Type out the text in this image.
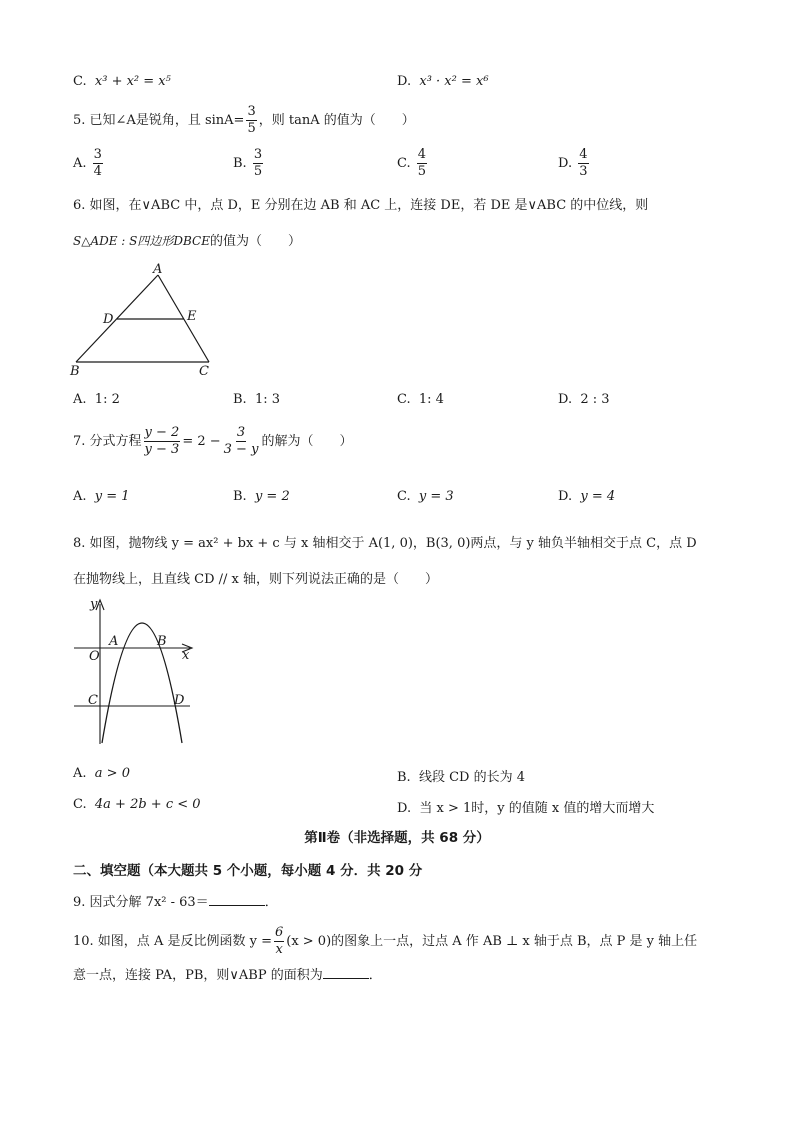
C. x³ + x² = x⁵	D. x³ · x² = x⁶
5. 已知∠A是锐角，且 $\sin A= \frac{3}{5}$ ，则 tanA 的值为（　　）
A. $\frac{3}{4}$	B. $\frac{3}{5}$	C. $\frac{4}{5}$	D. $\frac{4}{3}$
6. 如图，在∨ABC 中，点 D，E 分别在边 AB 和 AC 上，连接 DE，若 DE 是∨ABC 的中位线，则
S△ADE : S四边形DBCE的值为（　　）
A
D	E
B	C
A. 1: 2	B. 1: 3	C. 1: 4	D. 2 : 3
7. 分式方程 $\frac{y - 2}{y - 3} = 2 - \frac{3}{3 - y}$ 的解为（　　）
A. y = 1	B. y = 2	C. y = 3	D. y = 4
8. 如图，抛物线 y = ax² + bx + c 与 x 轴相交于 A(1, 0)，B(3, 0)两点，与 y 轴负半轴相交于点 C，点 D
在抛物线上，且直线 CD // x 轴，则下列说法正确的是（　　）
y
x
O
A	B
C	D
A. a > 0	B. 线段 CD 的长为 4
C. 4a + 2b + c < 0	D. 当 x > 1时，y 的值随 x 值的增大而增大
第Ⅱ卷（非选择题，共 68 分）
二、填空题（本大题共 5 个小题，每小题 4 分．共 20 分
9. 因式分解 7x² - 63＝	．
10. 如图，点 A 是反比例函数 $y = \frac{6}{x} (x > 0)$的图象上一点，过点 A 作 AB ⊥ x 轴于点 B，点 P 是 y 轴上任
意一点，连接 PA，PB，则∨ABP 的面积为	．
